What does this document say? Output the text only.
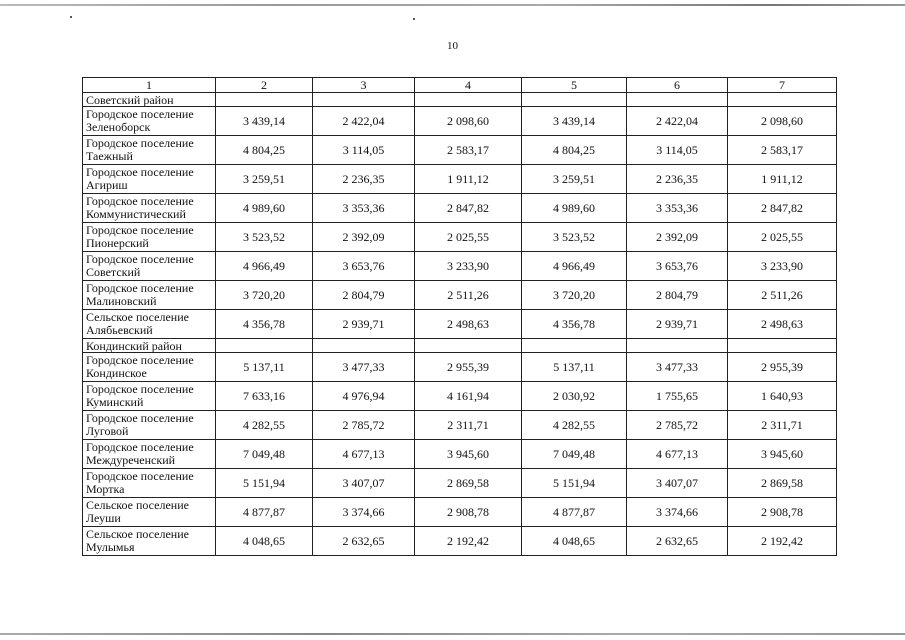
10
1	2	3	4	5	6	7
Советский район						
Городское поселение Зеленоборск	3 439,14	2 422,04	2 098,60	3 439,14	2 422,04	2 098,60
Городское поселение Таежный	4 804,25	3 114,05	2 583,17	4 804,25	3 114,05	2 583,17
Городское поселение Агириш	3 259,51	2 236,35	1 911,12	3 259,51	2 236,35	1 911,12
Городское поселение Коммунистический	4 989,60	3 353,36	2 847,82	4 989,60	3 353,36	2 847,82
Городское поселение Пионерский	3 523,52	2 392,09	2 025,55	3 523,52	2 392,09	2 025,55
Городское поселение Советский	4 966,49	3 653,76	3 233,90	4 966,49	3 653,76	3 233,90
Городское поселение Малиновский	3 720,20	2 804,79	2 511,26	3 720,20	2 804,79	2 511,26
Сельское поселение Алябьевский	4 356,78	2 939,71	2 498,63	4 356,78	2 939,71	2 498,63
Кондинский район						
Городское поселение Кондинское	5 137,11	3 477,33	2 955,39	5 137,11	3 477,33	2 955,39
Городское поселение Куминский	7 633,16	4 976,94	4 161,94	2 030,92	1 755,65	1 640,93
Городское поселение Луговой	4 282,55	2 785,72	2 311,71	4 282,55	2 785,72	2 311,71
Городское поселение Междуреченский	7 049,48	4 677,13	3 945,60	7 049,48	4 677,13	3 945,60
Городское поселение Мортка	5 151,94	3 407,07	2 869,58	5 151,94	3 407,07	2 869,58
Сельское поселение Леуши	4 877,87	3 374,66	2 908,78	4 877,87	3 374,66	2 908,78
Сельское поселение Мулымья	4 048,65	2 632,65	2 192,42	4 048,65	2 632,65	2 192,42
